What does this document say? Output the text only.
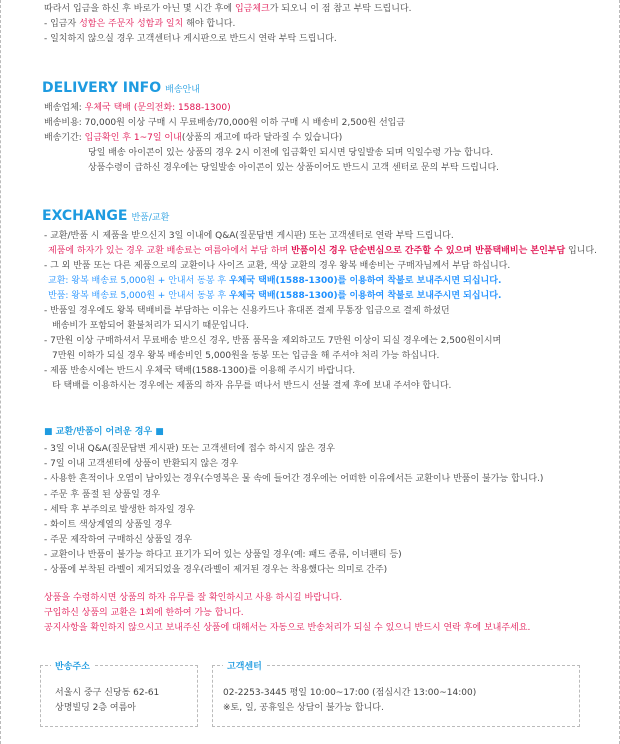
따라서 입금을 하신 후 바로가 아닌 몇 시간 후에 입금체크가 되오니 이 점 참고 부탁 드립니다.
- 입금자 성함은 주문자 성함과 일치 해야 합니다.
- 일치하지 않으실 경우 고객센터나 게시판으로 반드시 연락 부탁 드립니다.
DELIVERY INFO 배송안내
배송업체: 우체국 택배 (문의전화: 1588-1300)
배송비용: 70,000원 이상 구매 시 무료배송/70,000원 이하 구매 시 배송비 2,500원 선입금
배송기간: 입금확인 후 1~7일 이내(상품의 재고에 따라 달라질 수 있습니다)
당일 배송 아이콘이 있는 상품의 경우 2시 이전에 입금확인 되시면 당일발송 되며 익일수령 가능 합니다.
상품수령이 급하신 경우에는 당일발송 아이콘이 있는 상품이어도 반드시 고객 센터로 문의 부탁 드립니다.
EXCHANGE 반품/교환
- 교환/반품 시 제품을 받으신지 3일 이내에 Q&A(질문답변 게시판) 또는 고객센터로 연락 부탁 드립니다.
제품에 하자가 있는 경우 교환 배송료는 여름아에서 부담 하며 반품이신 경우 단순변심으로 간주할 수 있으며 반품택배비는 본인부담 입니다.
- 그 외 반품 또는 다른 제품으로의 교환이나 사이즈 교환, 색상 교환의 경우 왕복 배송비는 구매자님께서 부담 하십니다.
교환: 왕복 배송료 5,000원 + 안내서 동봉 후 우체국 택배(1588-1300)를 이용하여 착불로 보내주시면 되십니다.
반품: 왕복 배송료 5,000원 + 안내서 동봉 후 우체국 택배(1588-1300)를 이용하여 착불로 보내주시면 되십니다.
- 반품일 경우에도 왕복 택배비를 부담하는 이유는 신용카드나 휴대폰 결제 무통장 입금으로 결제 하셨던
배송비가 포함되어 환불처리가 되시기 때문입니다.
- 7만원 이상 구매하셔서 무료배송 받으신 경우, 반품 품목을 제외하고도 7만원 이상이 되실 경우에는 2,500원이시며
7만원 이하가 되실 경우 왕복 배송비인 5,000원을 동봉 또는 입금을 해 주셔야 처리 가능 하십니다.
- 제품 반송시에는 반드시 우체국 택배(1588-1300)를 이용해 주시기 바랍니다.
타 택배를 이용하시는 경우에는 제품의 하자 유무를 떠나서 반드시 선불 결제 후에 보내 주셔야 합니다.
■ 교환/반품이 어려운 경우 ■
- 3일 이내 Q&A(질문답변 게시판) 또는 고객센터에 접수 하시지 않은 경우
- 7일 이내 고객센터에 상품이 반환되지 않은 경우
- 사용한 흔적이나 오염이 남아있는 경우(수영복은 물 속에 들어간 경우에는 어떠한 이유에서든 교환이나 반품이 불가능 합니다.)
- 주문 후 품절 된 상품일 경우
- 세탁 후 부주의로 발생한 하자일 경우
- 화이트 색상계열의 상품일 경우
- 주문 제작하여 구매하신 상품일 경우
- 교환이나 반품이 불가능 하다고 표기가 되어 있는 상품일 경우(예: 패드 종류, 이너팬티 등)
- 상품에 부착된 라벨이 제거되었을 경우(라벨이 제거된 경우는 착용했다는 의미로 간주)
상품을 수령하시면 상품의 하자 유무를 잘 확인하시고 사용 하시길 바랍니다.
구입하신 상품의 교환은 1회에 한하여 가능 합니다.
공지사항을 확인하지 않으시고 보내주신 상품에 대해서는 자동으로 반송처리가 되실 수 있으니 반드시 연락 후에 보내주세요.
반송주소
서울시 중구 신당동 62-61
상명빌딩 2층 여름아
고객센터
02-2253-3445 평일 10:00~17:00 (점심시간 13:00~14:00)
※토, 일, 공휴일은 상담이 불가능 합니다.
